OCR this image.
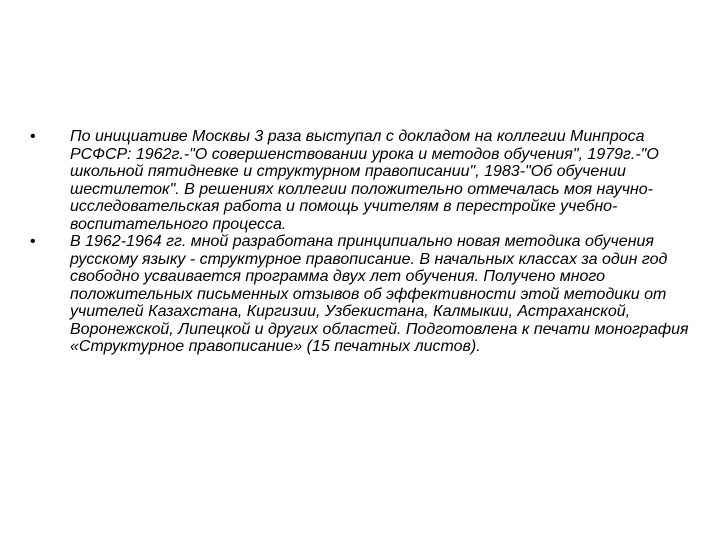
• По инициативе Москвы 3 раза выступал с докладом на коллегии Минпроса РСФСР: 1962г.-"О совершенствовании урока и методов обучения", 1979г.-"О школьной пятидневке и структурном правописании", 1983-"Об обучении шестилеток". В решениях коллегии положительно отмечалась моя научно-исследовательская работа и помощь учителям в перестройке учебно-воспитательного процесса.
• В 1962-1964 гг. мной разработана принципиально новая методика обучения русскому языку - структурное правописание. В начальных классах за один год свободно усваивается программа двух лет обучения. Получено много положительных письменных отзывов об эффективности этой методики от учителей Казахстана, Киргизии, Узбекистана, Калмыкии, Астраханской, Воронежской, Липецкой и других областей. Подготовлена к печати монография «Структурное правописание» (15 печатных листов).
